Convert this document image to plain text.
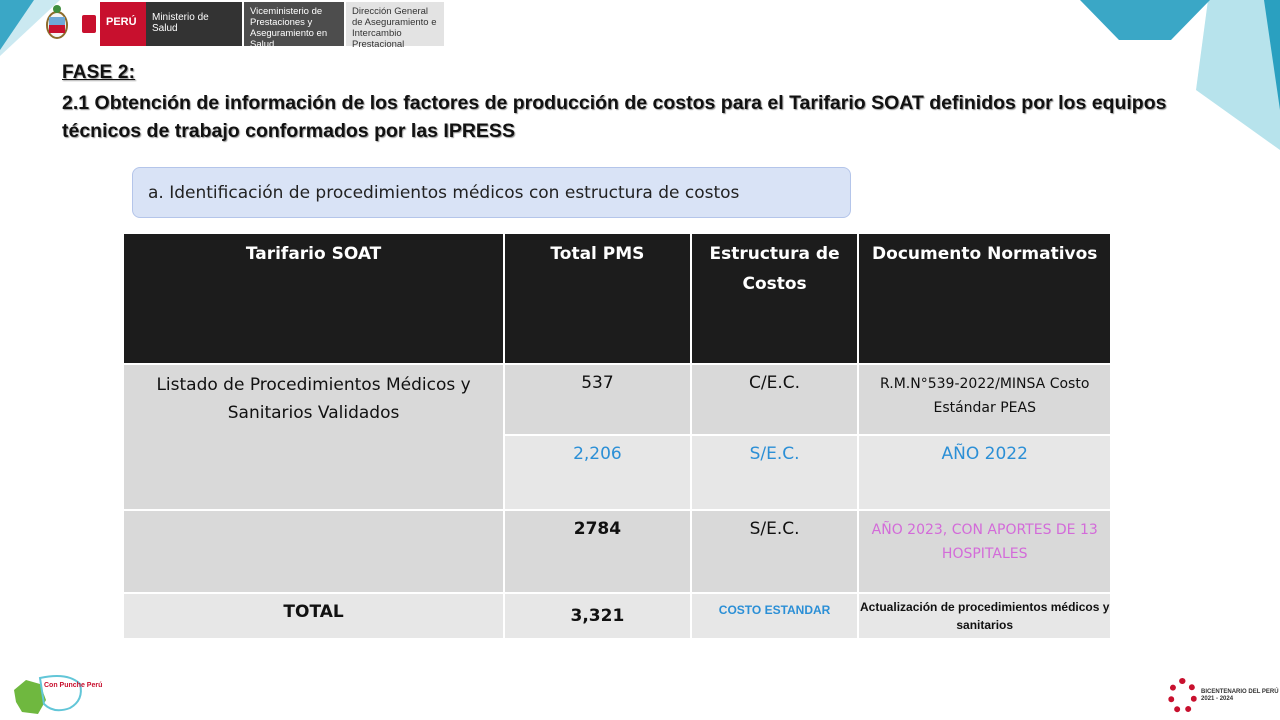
PERÚ	Ministerio de Salud
Viceministerio de Prestaciones y Aseguramiento en Salud
Dirección General de Aseguramiento e Intercambio Prestacional
FASE 2:
2.1 Obtención de información de los factores de producción de costos para el Tarifario SOAT definidos por los equipos técnicos de trabajo conformados por las IPRESS
a. Identificación de procedimientos médicos con estructura de costos
Tarifario SOAT	Total PMS	Estructura de Costos	Documento Normativos
Listado de Procedimientos Médicos y Sanitarios Validados	537	C/E.C.	R.M.N°539-2022/MINSA Costo Estándar PEAS
	2,206	S/E.C.	AÑO 2022
	2784	S/E.C.	AÑO 2023, CON APORTES DE 13 HOSPITALES
TOTAL	3,321	COSTO ESTANDAR	Actualización de procedimientos médicos y sanitarios
Con Punche Perú
BICENTENARIO DEL PERÚ 2021 - 2024
